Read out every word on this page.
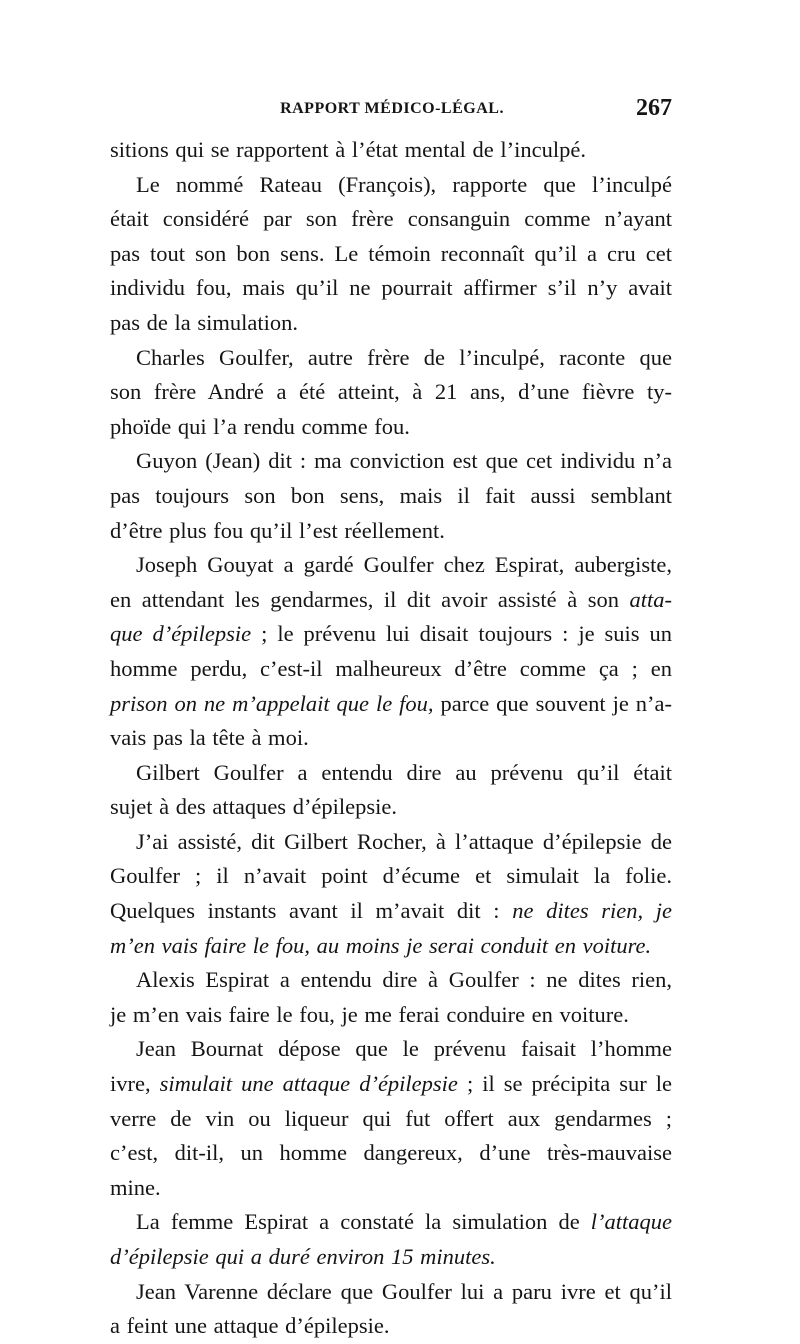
RAPPORT MÉDICO-LÉGAL.	267
sitions qui se rapportent à l’état mental de l’inculpé.
Le nommé Rateau (François), rapporte que l’inculpé
était considéré par son frère consanguin comme n’ayant
pas tout son bon sens. Le témoin reconnaît qu’il a cru cet
individu fou, mais qu’il ne pourrait affirmer s’il n’y avait
pas de la simulation.
Charles Goulfer, autre frère de l’inculpé, raconte que
son frère André a été atteint, à 21 ans, d’une fièvre ty-
phoïde qui l’a rendu comme fou.
Guyon (Jean) dit : ma conviction est que cet individu n’a
pas toujours son bon sens, mais il fait aussi semblant
d’être plus fou qu’il l’est réellement.
Joseph Gouyat a gardé Goulfer chez Espirat, aubergiste,
en attendant les gendarmes, il dit avoir assisté à son atta-
que d’épilepsie ; le prévenu lui disait toujours : je suis un
homme perdu, c’est-il malheureux d’être comme ça ; en
prison on ne m’appelait que le fou, parce que souvent je n’a-
vais pas la tête à moi.
Gilbert Goulfer a entendu dire au prévenu qu’il était
sujet à des attaques d’épilepsie.
J’ai assisté, dit Gilbert Rocher, à l’attaque d’épilepsie de
Goulfer ; il n’avait point d’écume et simulait la folie.
Quelques instants avant il m’avait dit : ne dites rien, je
m’en vais faire le fou, au moins je serai conduit en voiture.
Alexis Espirat a entendu dire à Goulfer : ne dites rien,
je m’en vais faire le fou, je me ferai conduire en voiture.
Jean Bournat dépose que le prévenu faisait l’homme
ivre, simulait une attaque d’épilepsie ; il se précipita sur le
verre de vin ou liqueur qui fut offert aux gendarmes ;
c’est, dit-il, un homme dangereux, d’une très-mauvaise
mine.
La femme Espirat a constaté la simulation de l’attaque
d’épilepsie qui a duré environ 15 minutes.
Jean Varenne déclare que Goulfer lui a paru ivre et qu’il
a feint une attaque d’épilepsie.
